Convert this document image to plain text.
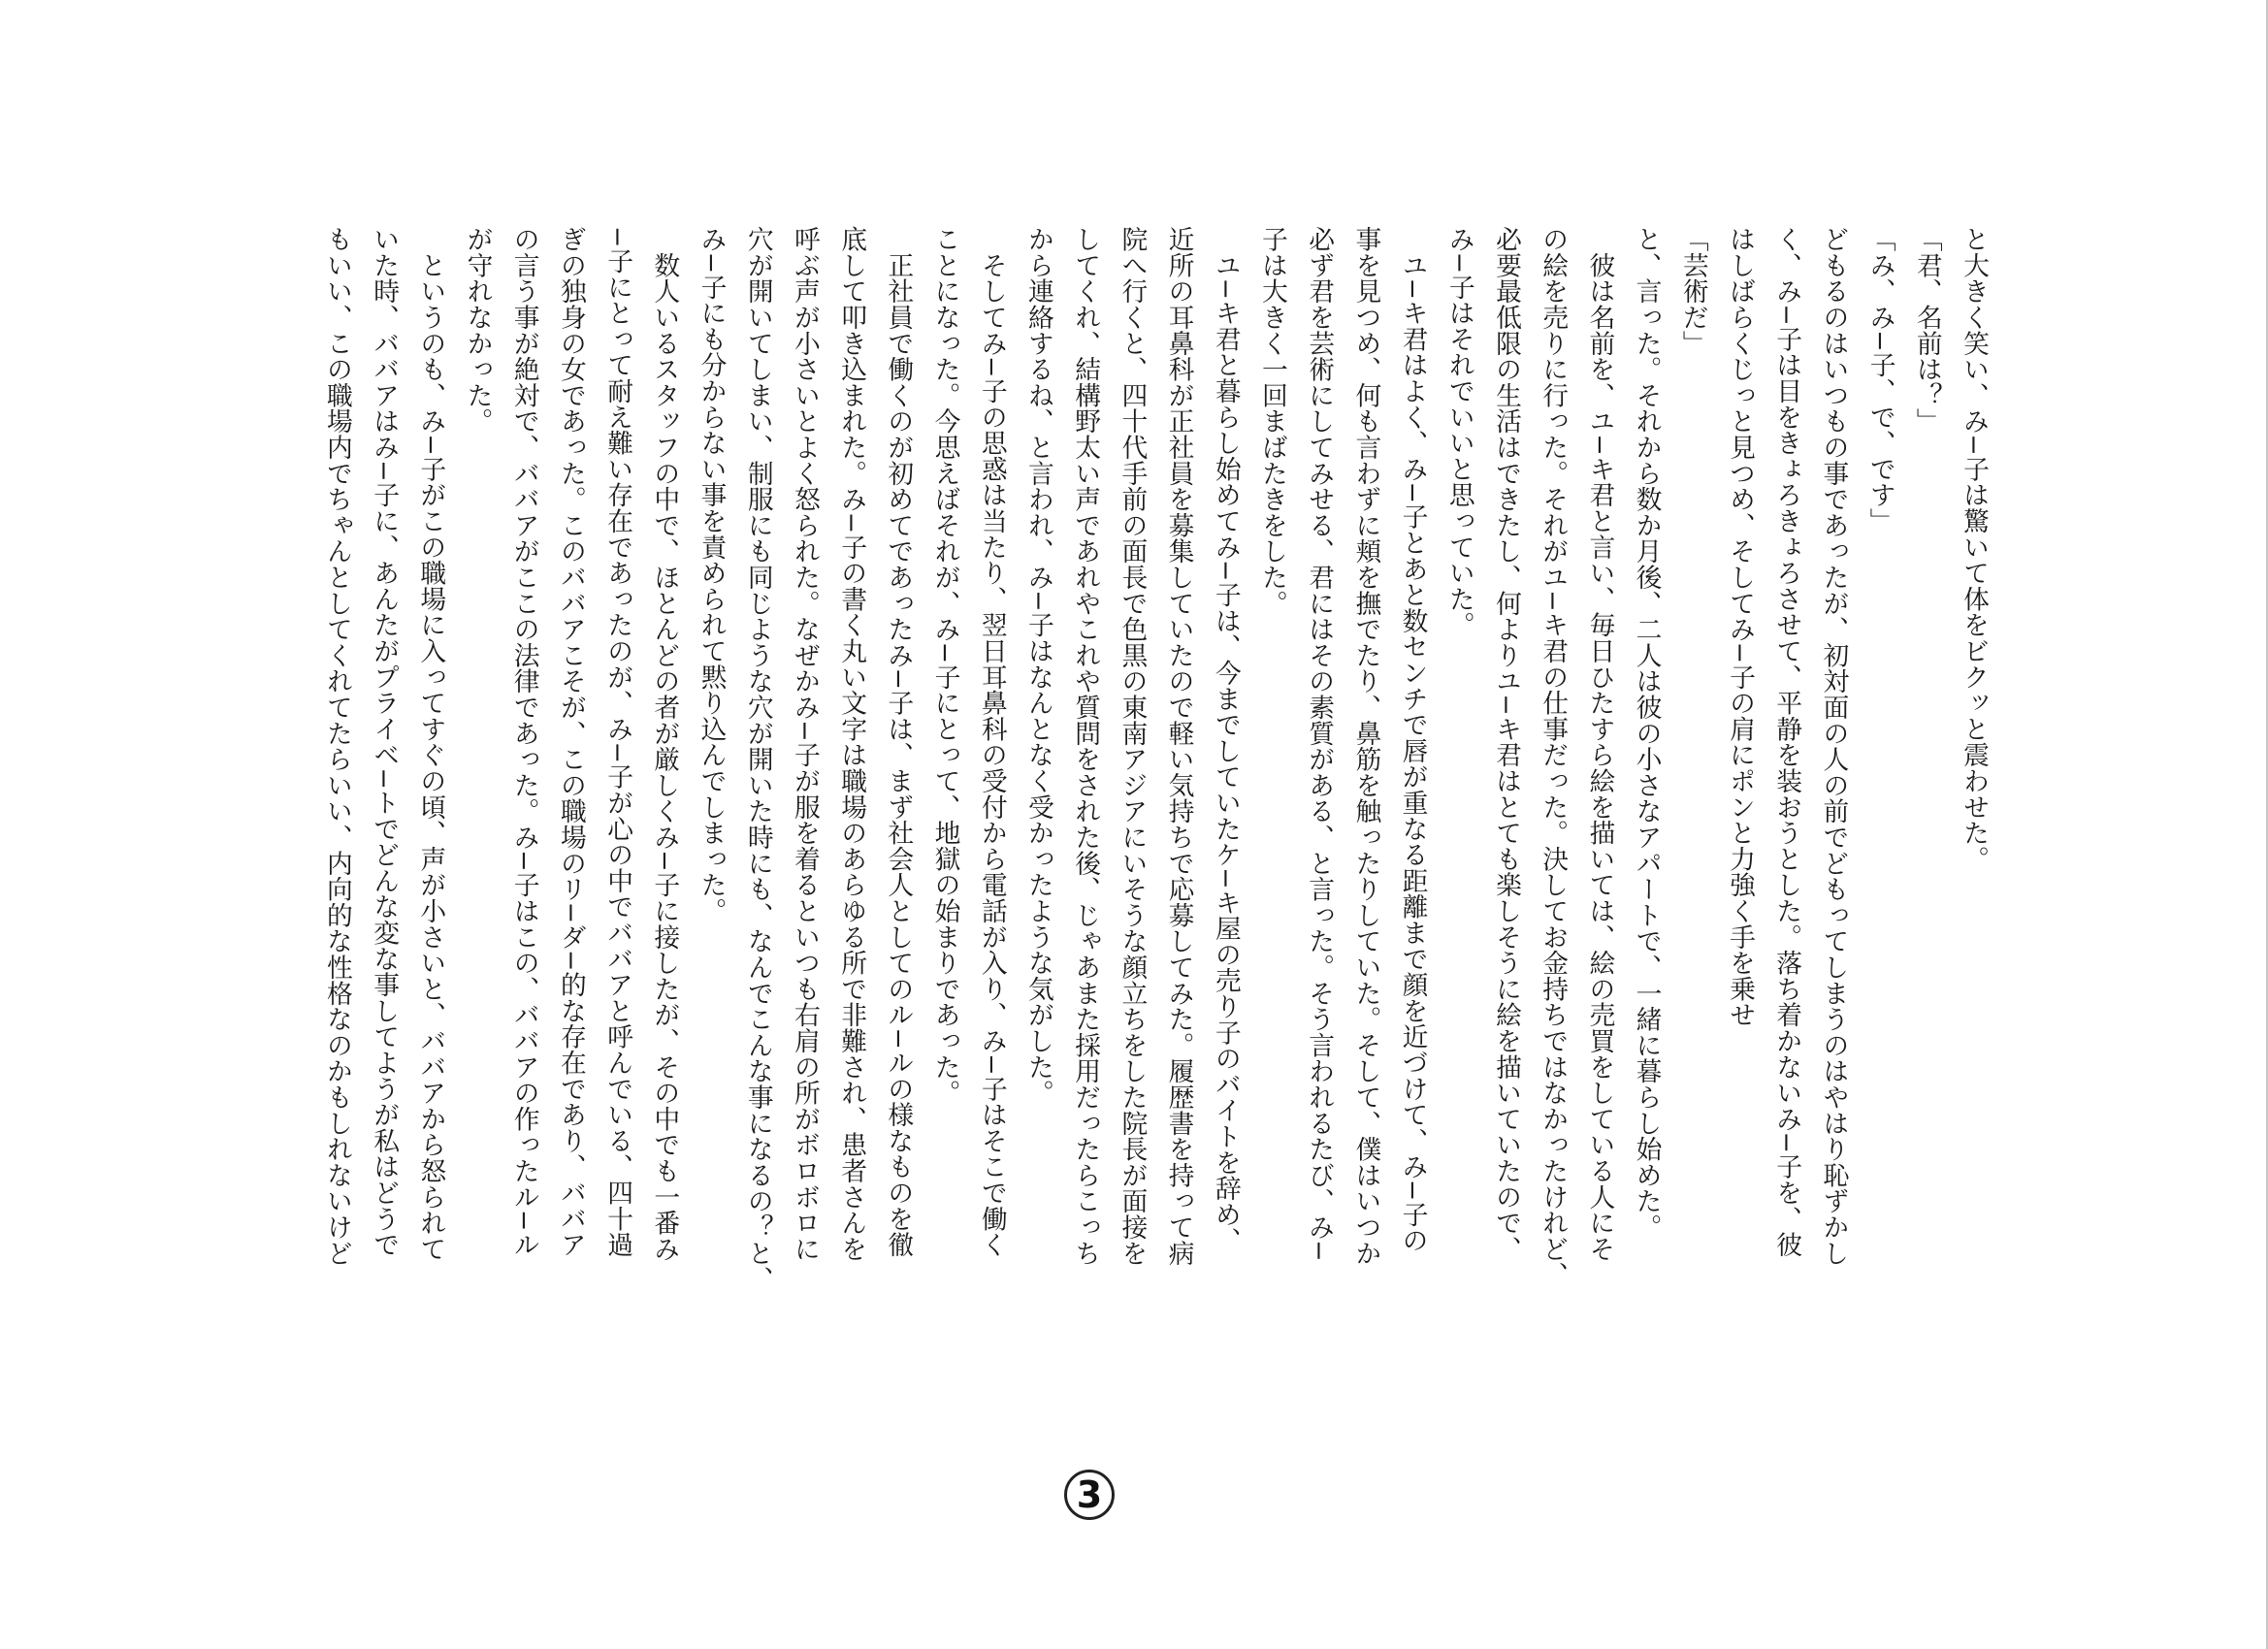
と大きく笑い、み−子は驚いて体をビクッと震わせた。
「君、名前は？」
「み、み−子、で、です」
どもるのはいつもの事であったが、初対面の人の前でどもってしまうのはやはり恥ずかし
く、み−子は目をきょろきょろさせて、平静を装おうとした。落ち着かないみ−子を、彼
はしばらくじっと見つめ、そしてみ−子の肩にポンと力強く手を乗せ
「芸術だ」
と、言った。それから数か月後、二人は彼の小さなアパートで、一緒に暮らし始めた。
　彼は名前を、ユ−キ君と言い、毎日ひたすら絵を描いては、絵の売買をしている人にそ
の絵を売りに行った。それがユ−キ君の仕事だった。決してお金持ちではなかったけれど、
必要最低限の生活はできたし、何よりユ−キ君はとても楽しそうに絵を描いていたので、
み−子はそれでいいと思っていた。
　ユ−キ君はよく、み−子とあと数センチで唇が重なる距離まで顔を近づけて、み−子の
事を見つめ、何も言わずに頬を撫でたり、鼻筋を触ったりしていた。そして、僕はいつか
必ず君を芸術にしてみせる、君にはその素質がある、と言った。そう言われるたび、み−
子は大きく一回まばたきをした。
　ユ−キ君と暮らし始めてみ−子は、今までしていたケ−キ屋の売り子のバイトを辞め、
近所の耳鼻科が正社員を募集していたので軽い気持ちで応募してみた。履歴書を持って病
院へ行くと、四十代手前の面長で色黒の東南アジアにいそうな顔立ちをした院長が面接を
してくれ、結構野太い声であれやこれや質問をされた後、じゃあまた採用だったらこっち
から連絡するね、と言われ、み−子はなんとなく受かったような気がした。
　そしてみ−子の思惑は当たり、翌日耳鼻科の受付から電話が入り、み−子はそこで働く
ことになった。今思えばそれが、み−子にとって、地獄の始まりであった。
　正社員で働くのが初めてであったみ−子は、まず社会人としてのル−ルの様なものを徹
底して叩き込まれた。み−子の書く丸い文字は職場のあらゆる所で非難され、患者さんを
呼ぶ声が小さいとよく怒られた。なぜかみ−子が服を着るといつも右肩の所がボロボロに
穴が開いてしまい、制服にも同じような穴が開いた時にも、なんでこんな事になるの？と、
み−子にも分からない事を責められて黙り込んでしまった。
　数人いるスタッフの中で、ほとんどの者が厳しくみ−子に接したが、その中でも一番み
−子にとって耐え難い存在であったのが、み−子が心の中でババアと呼んでいる、四十過
ぎの独身の女であった。このババアこそが、この職場のリ−ダ−的な存在であり、ババア
の言う事が絶対で、ババアがここの法律であった。み−子はこの、ババアの作ったル−ル
が守れなかった。
　というのも、み−子がこの職場に入ってすぐの頃、声が小さいと、ババアから怒られて
いた時、ババアはみ−子に、あんたがプライベ−トでどんな変な事してようが私はどうで
もいい、この職場内でちゃんとしてくれてたらいい、内向的な性格なのかもしれないけど
3
